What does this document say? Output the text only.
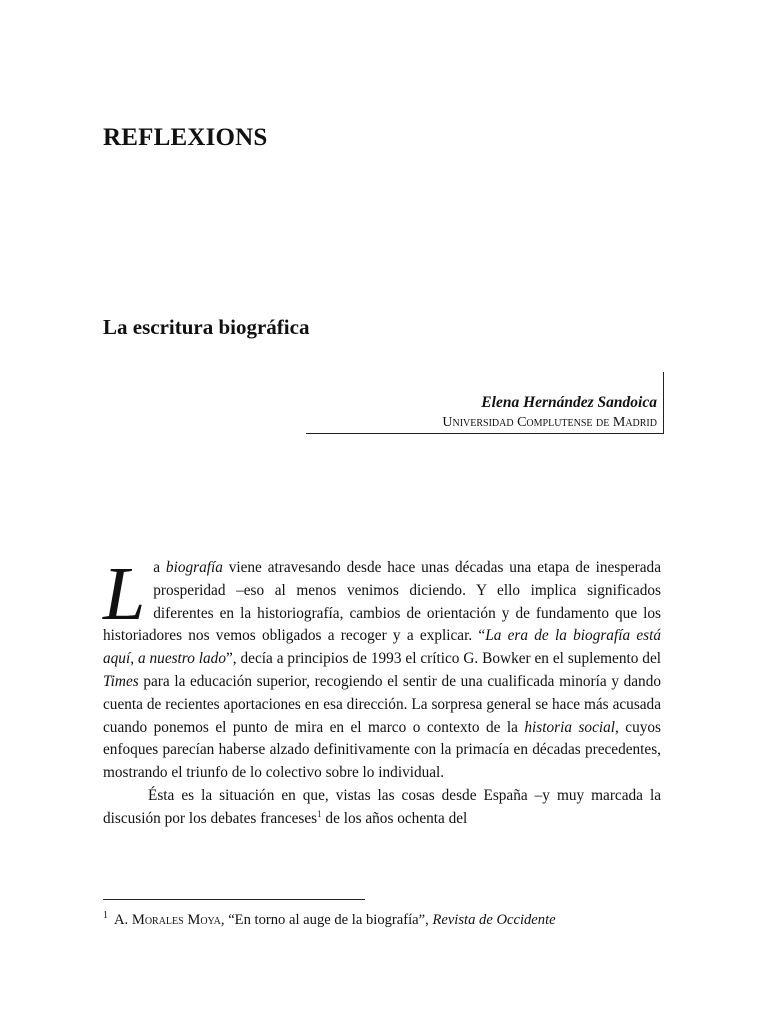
REFLEXIONS
La escritura biográfica
Elena Hernández Sandoica
Universidad Complutense de Madrid

La biografía viene atravesando desde hace unas décadas una etapa de inesperada prosperidad –eso al menos venimos diciendo. Y ello implica significados diferentes en la historiografía, cambios de orientación y de fundamento que los historiadores nos vemos obligados a recoger y a explicar. “La era de la biografía está aquí, a nuestro lado”, decía a principios de 1993 el crítico G. Bowker en el suplemento del Times para la educación superior, recogiendo el sentir de una cualificada minoría y dando cuenta de recientes aportaciones en esa dirección. La sorpresa general se hace más acusada cuando ponemos el punto de mira en el marco o contexto de la historia social, cuyos enfoques parecían haberse alzado definitivamente con la primacía en décadas precedentes, mostrando el triunfo de lo colectivo sobre lo individual.

Ésta es la situación en que, vistas las cosas desde España –y muy marcada la discusión por los debates franceses$^1$ de los años ochenta del

$^1$ A. Morales Moya, “En torno al auge de la biografía”, Revista de Occidente
